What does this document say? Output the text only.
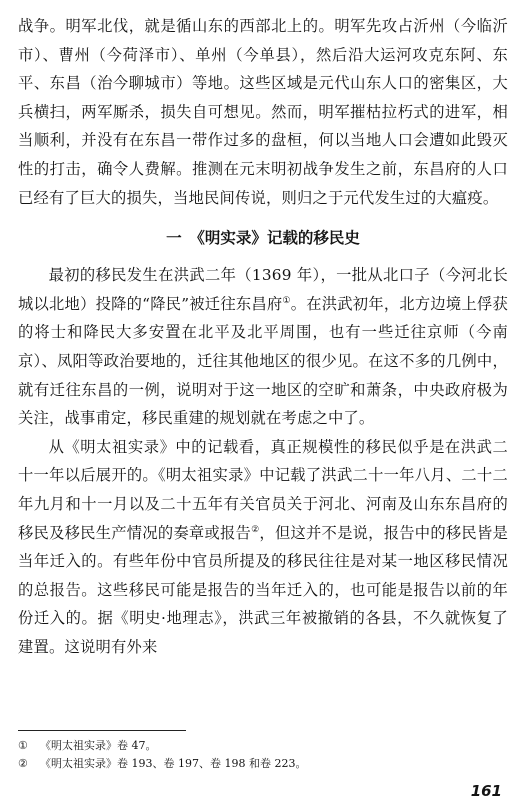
战争。明军北伐，就是循山东的西部北上的。明军先攻占沂州（今临沂市）、曹州（今荷泽市）、单州（今单县），然后沿大运河攻克东阿、东平、东昌（治今聊城市）等地。这些区域是元代山东人口的密集区，大兵横扫，两军厮杀，损失自可想见。然而，明军摧枯拉朽式的进军，相当顺利，并没有在东昌一带作过多的盘桓，何以当地人口会遭如此毁灭性的打击，确令人费解。推测在元末明初战争发生之前，东昌府的人口已经有了巨大的损失，当地民间传说，则归之于元代发生过的大瘟疫。

一　《明实录》记载的移民史

最初的移民发生在洪武二年（1369 年），一批从北口子（今河北长城以北地）投降的“降民”被迁往东昌府①。在洪武初年，北方边境上俘获的将士和降民大多安置在北平及北平周围，也有一些迁往京师（今南京）、凤阳等政治要地的，迁往其他地区的很少见。在这不多的几例中，就有迁往东昌的一例，说明对于这一地区的空旷和萧条，中央政府极为关注，战事甫定，移民重建的规划就在考虑之中了。

从《明太祖实录》中的记载看，真正规模性的移民似乎是在洪武二十一年以后展开的。《明太祖实录》中记载了洪武二十一年八月、二十二年九月和十一月以及二十五年有关官员关于河北、河南及山东东昌府的移民及移民生产情况的奏章或报告②，但这并不是说，报告中的移民皆是当年迁入的。有些年份中官员所提及的移民往往是对某一地区移民情况的总报告。这些移民可能是报告的当年迁入的，也可能是报告以前的年份迁入的。据《明史·地理志》，洪武三年被撤销的各县，不久就恢复了建置。这说明有外来

①	《明太祖实录》卷 47。
②	《明太祖实录》卷 193、卷 197、卷 198 和卷 223。
161
